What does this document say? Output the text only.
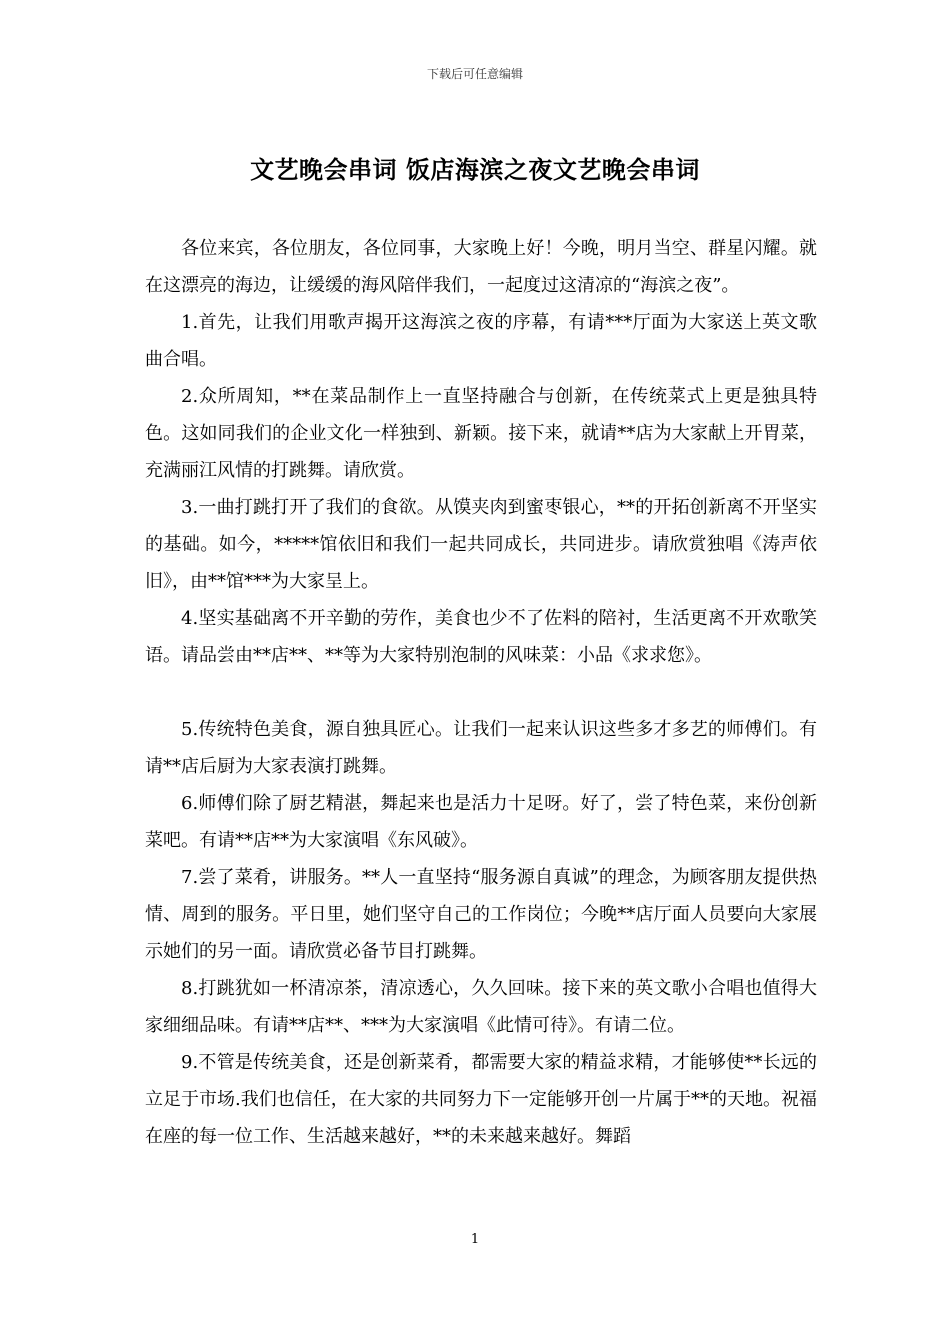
下载后可任意编辑
文艺晚会串词 饭店海滨之夜文艺晚会串词

各位来宾，各位朋友，各位同事，大家晚上好！今晚，明月当空、群星闪耀。就在这漂亮的海边，让缓缓的海风陪伴我们，一起度过这清凉的“海滨之夜”。

1.首先，让我们用歌声揭开这海滨之夜的序幕，有请***厅面为大家送上英文歌曲合唱。

2.众所周知，**在菜品制作上一直坚持融合与创新，在传统菜式上更是独具特色。这如同我们的企业文化一样独到、新颖。接下来，就请**店为大家献上开胃菜，充满丽江风情的打跳舞。请欣赏。

3.一曲打跳打开了我们的食欲。从馍夹肉到蜜枣银心，**的开拓创新离不开坚实的基础。如今，*****馆依旧和我们一起共同成长，共同进步。请欣赏独唱《涛声依旧》，由**馆***为大家呈上。

4.坚实基础离不开辛勤的劳作，美食也少不了佐料的陪衬，生活更离不开欢歌笑语。请品尝由**店**、**等为大家特别泡制的风味菜：小品《求求您》。

5.传统特色美食，源自独具匠心。让我们一起来认识这些多才多艺的师傅们。有请**店后厨为大家表演打跳舞。

6.师傅们除了厨艺精湛，舞起来也是活力十足呀。好了，尝了特色菜，来份创新菜吧。有请**店**为大家演唱《东风破》。

7.尝了菜肴，讲服务。**人一直坚持“服务源自真诚”的理念，为顾客朋友提供热情、周到的服务。平日里，她们坚守自己的工作岗位；今晚**店厅面人员要向大家展示她们的另一面。请欣赏必备节目打跳舞。

8.打跳犹如一杯清凉茶，清凉透心，久久回味。接下来的英文歌小合唱也值得大家细细品味。有请**店**、***为大家演唱《此情可待》。有请二位。

9.不管是传统美食，还是创新菜肴，都需要大家的精益求精，才能够使**长远的立足于市场.我们也信任，在大家的共同努力下一定能够开创一片属于**的天地。祝福在座的每一位工作、生活越来越好，**的未来越来越好。舞蹈

1
